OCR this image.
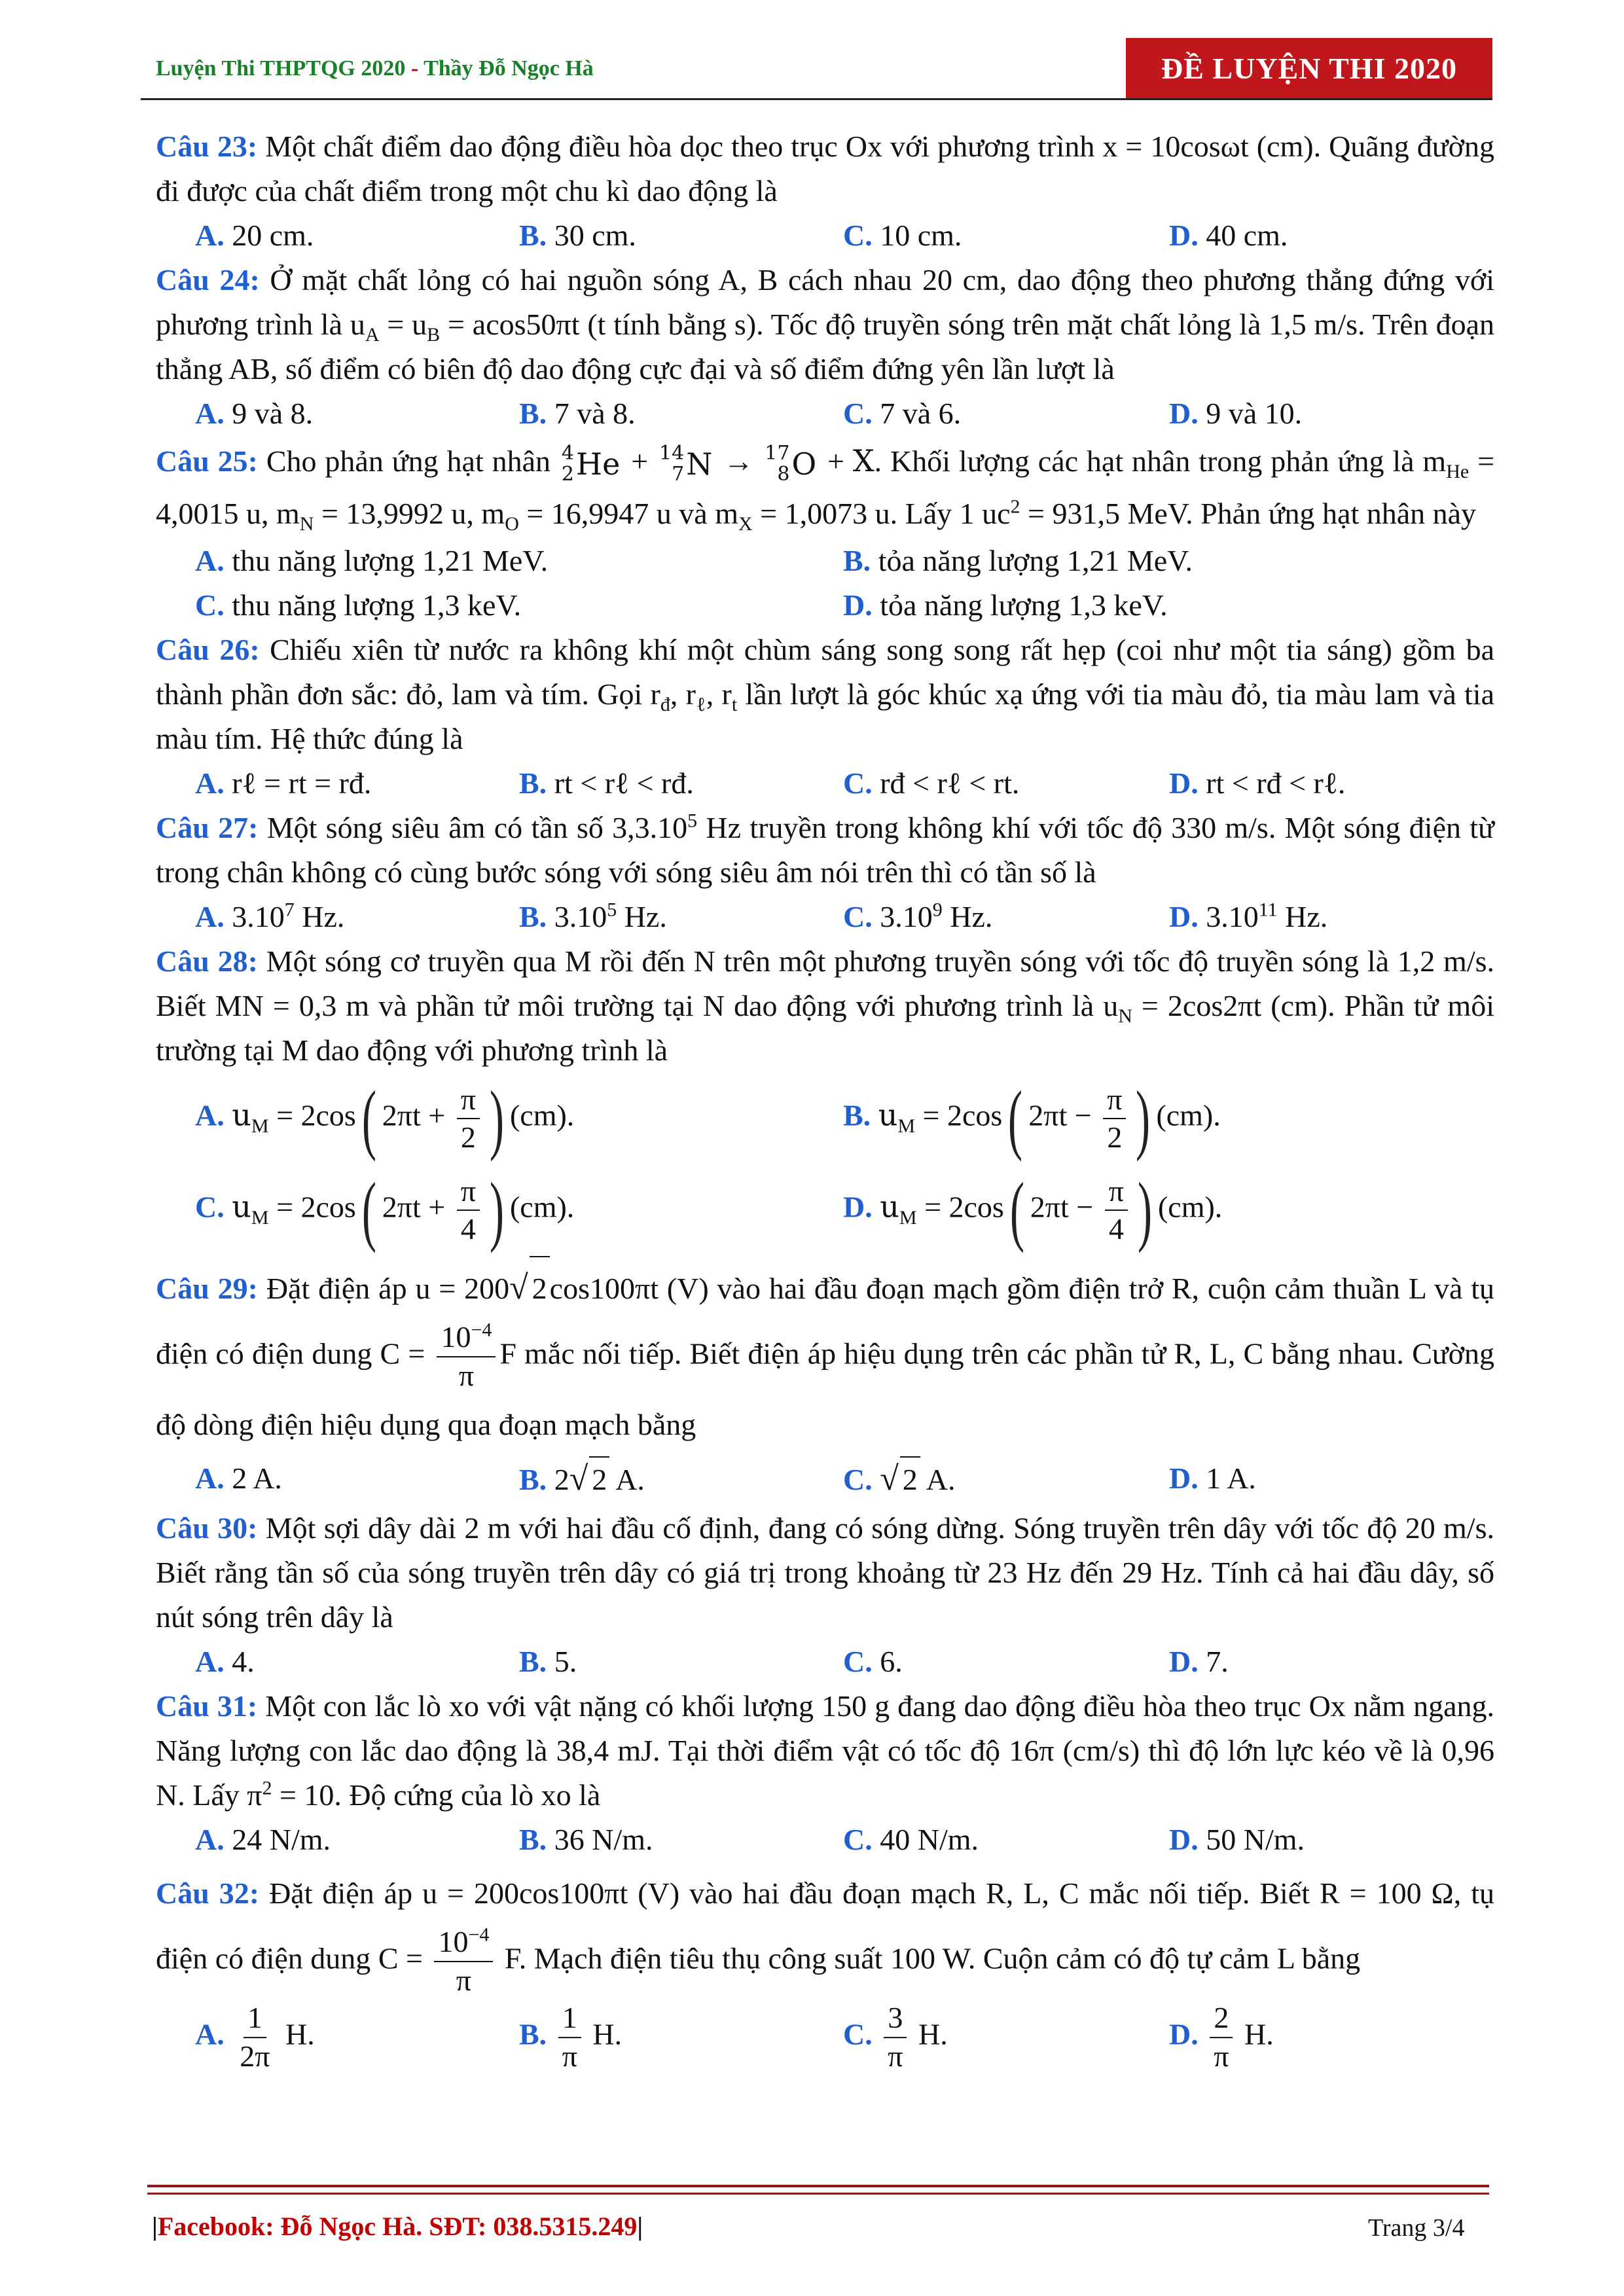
Luyện Thi THPTQG 2020 - Thầy Đỗ Ngọc Hà	ĐỀ LUYỆN THI 2020

Câu 23: Một chất điểm dao động điều hòa dọc theo trục Ox với phương trình x = 10cosωt (cm). Quãng đường đi được của chất điểm trong một chu kì dao động là

A. 20 cm.	B. 30 cm.	C. 10 cm.	D. 40 cm.

Câu 24: Ở mặt chất lỏng có hai nguồn sóng A, B cách nhau 20 cm, dao động theo phương thẳng đứng với phương trình là $u_A = u_B = acos50\pi t$ (t tính bằng s). Tốc độ truyền sóng trên mặt chất lỏng là 1,5 m/s. Trên đoạn thẳng AB, số điểm có biên độ dao động cực đại và số điểm đứng yên lần lượt là

A. 9 và 8.	B. 7 và 8.	C. 7 và 6.	D. 9 và 10.

Câu 25: Cho phản ứng hạt nhân 4
2 He + 14
7 N → 17
8 O + X. Khối lượng các hạt nhân trong phản ứng là $m_{He} = 4,0015$ u, $m_N = 13,9992$ u, $m_O = 16,9947$ u và $m_X = 1,0073$ u. Lấy 1 $uc^2 = 931,5$ MeV. Phản ứng hạt nhân này

A. thu năng lượng 1,21 MeV.	B. tỏa năng lượng 1,21 MeV.
C. thu năng lượng 1,3 keV.	D. tỏa năng lượng 1,3 keV.

Câu 26: Chiếu xiên từ nước ra không khí một chùm sáng song song rất hẹp (coi như một tia sáng) gồm ba thành phần đơn sắc: đỏ, lam và tím. Gọi $r_đ$, $r_\ell$, $r_t$ lần lượt là góc khúc xạ ứng với tia màu đỏ, tia màu lam và tia màu tím. Hệ thức đúng là

A. rℓ = rt = rđ.	B. rt < rℓ < rđ.	C. rđ < rℓ < rt.	D. rt < rđ < rℓ.

Câu 27: Một sóng siêu âm có tần số 3,3.10$^5$ Hz truyền trong không khí với tốc độ 330 m/s. Một sóng điện từ trong chân không có cùng bước sóng với sóng siêu âm nói trên thì có tần số là

A. 3.10$^7$ Hz.	B. 3.10$^5$ Hz.	C. 3.10$^9$ Hz.	D. 3.10$^{11}$ Hz.

Câu 28: Một sóng cơ truyền qua M rồi đến N trên một phương truyền sóng với tốc độ truyền sóng là 1,2 m/s. Biết MN = 0,3 m và phần tử môi trường tại N dao động với phương trình là $u_N = 2\cos 2\pi t$ (cm). Phần tử môi trường tại M dao động với phương trình là

A. $u_M = 2\cos$( $2\pi t + \frac{\pi}{2}$ ) (cm).	B. $u_M = 2\cos$( $2\pi t - \frac{\pi}{2}$ ) (cm).
C. $u_M = 2\cos$( $2\pi t + \frac{\pi}{4}$ ) (cm).	D. $u_M = 2\cos$( $2\pi t - \frac{\pi}{4}$ ) (cm).

Câu 29: Đặt điện áp u = 200√ 2cos100πt (V) vào hai đầu đoạn mạch gồm điện trở R, cuộn cảm thuần L và tụ điện có điện dung $C = \frac{10^{-4}}{\pi}$ F mắc nối tiếp. Biết điện áp hiệu dụng trên các phần tử R, L, C bằng nhau. Cường độ dòng điện hiệu dụng qua đoạn mạch bằng

A. 2 A.	B. 2√ 2 A.	C. √ 2 A.	D. 1 A.

Câu 30: Một sợi dây dài 2 m với hai đầu cố định, đang có sóng dừng. Sóng truyền trên dây với tốc độ 20 m/s. Biết rằng tần số của sóng truyền trên dây có giá trị trong khoảng từ 23 Hz đến 29 Hz. Tính cả hai đầu dây, số nút sóng trên dây là

A. 4.	B. 5.	C. 6.	D. 7.

Câu 31: Một con lắc lò xo với vật nặng có khối lượng 150 g đang dao động điều hòa theo trục Ox nằm ngang. Năng lượng con lắc dao động là 38,4 mJ. Tại thời điểm vật có tốc độ 16π (cm/s) thì độ lớn lực kéo về là 0,96 N. Lấy $\pi^2 = 10$. Độ cứng của lò xo là

A. 24 N/m.	B. 36 N/m.	C. 40 N/m.	D. 50 N/m.

Câu 32: Đặt điện áp u = 200cos100πt (V) vào hai đầu đoạn mạch R, L, C mắc nối tiếp. Biết R = 100 Ω, tụ điện có điện dung $C = \frac{10^{-4}}{\pi} F$. Mạch điện tiêu thụ công suất 100 W. Cuộn cảm có độ tự cảm L bằng

A. $\frac{1}{2\pi} H$.	B. $\frac{1}{\pi} H$.	C. $\frac{3}{\pi} H$.	D. $\frac{2}{\pi} H$.
|Facebook: Đỗ Ngọc Hà. SĐT: 038.5315.249|	Trang 3/4
